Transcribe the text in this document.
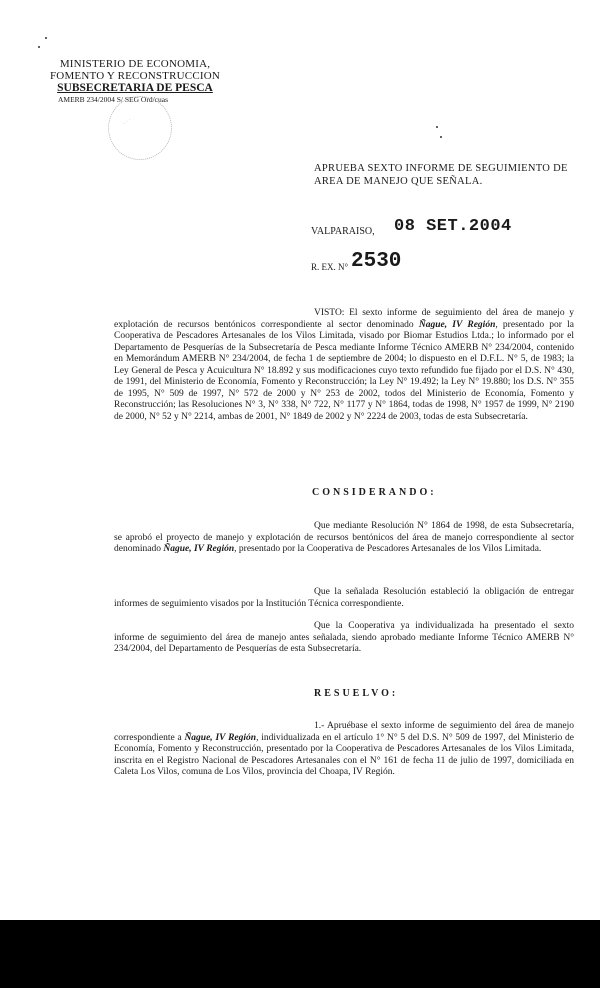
MINISTERIO DE ECONOMIA,
FOMENTO Y RECONSTRUCCION
SUBSECRETARIA DE PESCA
AMERB 234/2004 S/ SEG Ord/cuas
· · ·
APRUEBA SEXTO INFORME DE SEGUIMIENTO DE AREA DE MANEJO QUE SEÑALA.
VALPARAISO, 08 SET.2004
R. EX. N° 2530
VISTO: El sexto informe de seguimiento del área de manejo y explotación de recursos bentónicos correspondiente al sector denominado Ñague, IV Región, presentado por la Cooperativa de Pescadores Artesanales de los Vilos Limitada, visado por Biomar Estudios Ltda.; lo informado por el Departamento de Pesquerías de la Subsecretaría de Pesca mediante Informe Técnico AMERB N° 234/2004, contenido en Memorándum AMERB N° 234/2004, de fecha 1 de septiembre de 2004; lo dispuesto en el D.F.L. N° 5, de 1983; la Ley General de Pesca y Acuicultura N° 18.892 y sus modificaciones cuyo texto refundido fue fijado por el D.S. N° 430, de 1991, del Ministerio de Economía, Fomento y Reconstrucción; la Ley N° 19.492; la Ley N° 19.880; los D.S. N° 355 de 1995, N° 509 de 1997, N° 572 de 2000 y N° 253 de 2002, todos del Ministerio de Economía, Fomento y Reconstrucción; las Resoluciones N° 3, N° 338, N° 722, N° 1177 y N° 1864, todas de 1998, N° 1957 de 1999, N° 2190 de 2000, N° 52 y N° 2214, ambas de 2001, N° 1849 de 2002 y N° 2224 de 2003, todas de esta Subsecretaría.
CONSIDERANDO:
Que mediante Resolución N° 1864 de 1998, de esta Subsecretaría, se aprobó el proyecto de manejo y explotación de recursos bentónicos del área de manejo correspondiente al sector denominado Ñague, IV Región, presentado por la Cooperativa de Pescadores Artesanales de los Vilos Limitada.
Que la señalada Resolución estableció la obligación de entregar informes de seguimiento visados por la Institución Técnica correspondiente.
Que la Cooperativa ya individualizada ha presentado el sexto informe de seguimiento del área de manejo antes señalada, siendo aprobado mediante Informe Técnico AMERB N° 234/2004, del Departamento de Pesquerías de esta Subsecretaría.
RESUELVO:
1.- Apruébase el sexto informe de seguimiento del área de manejo correspondiente a Ñague, IV Región, individualizada en el artículo 1° N° 5 del D.S. N° 509 de 1997, del Ministerio de Economía, Fomento y Reconstrucción, presentado por la Cooperativa de Pescadores Artesanales de los Vilos Limitada, inscrita en el Registro Nacional de Pescadores Artesanales con el N° 161 de fecha 11 de julio de 1997, domiciliada en Caleta Los Vilos, comuna de Los Vilos, provincia del Choapa, IV Región.
